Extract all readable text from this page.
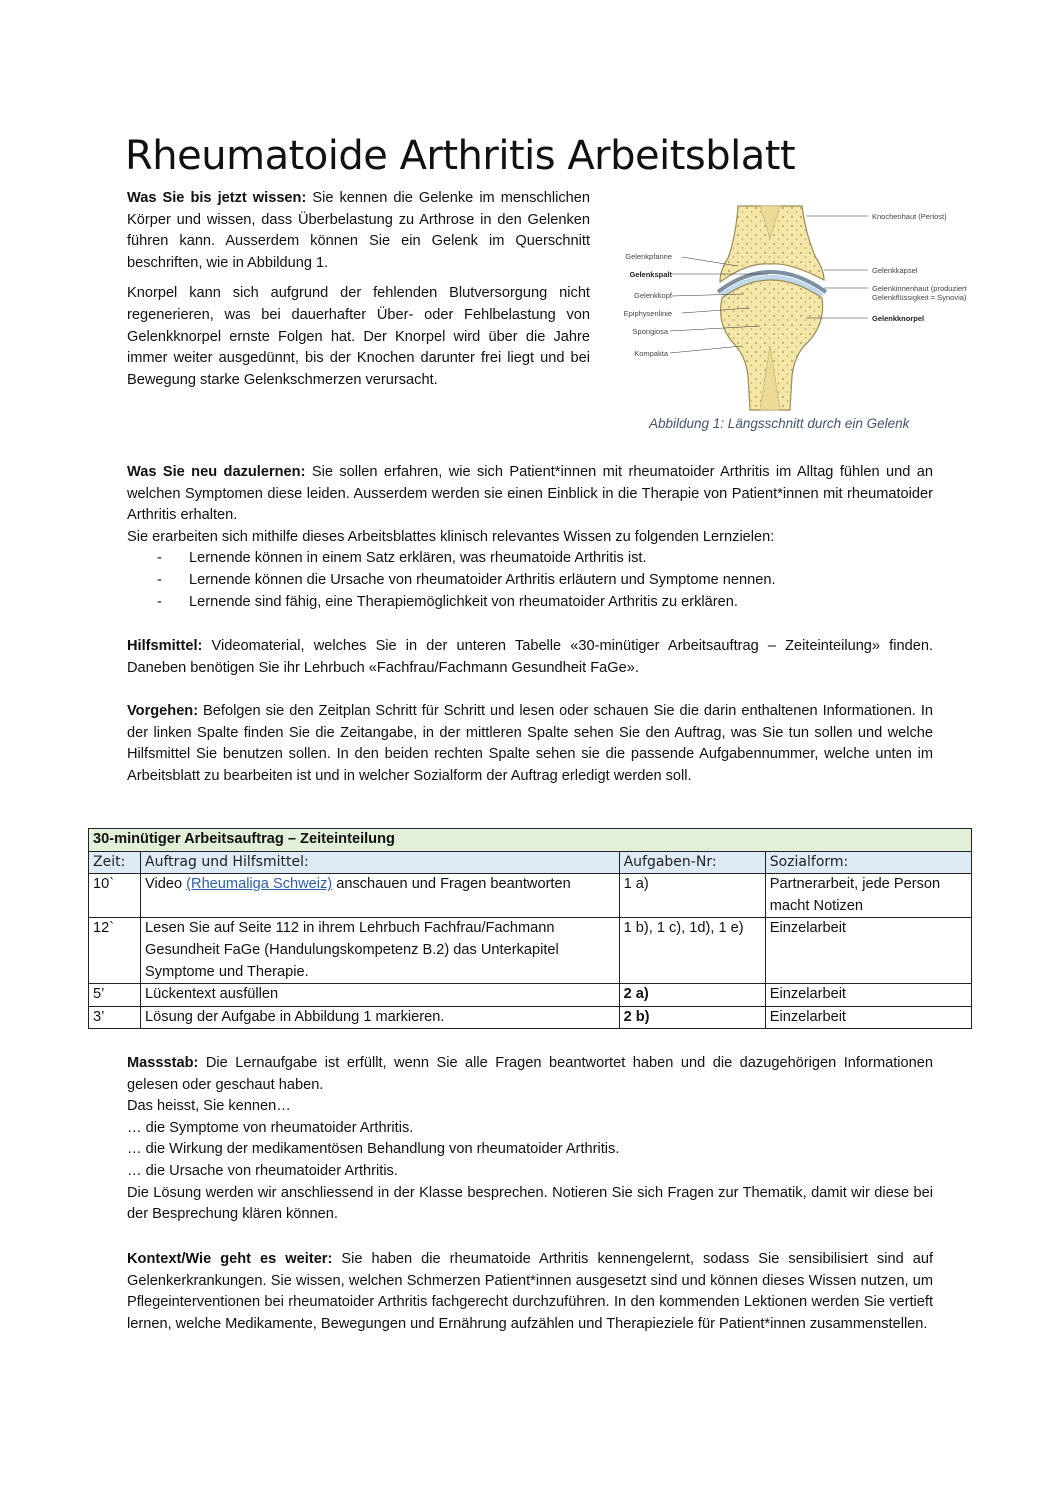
Rheumatoide Arthritis Arbeitsblatt

Was Sie bis jetzt wissen: Sie kennen die Gelenke im menschlichen Körper und wissen, dass Überbelastung zu Arthrose in den Gelenken führen kann. Ausserdem können Sie ein Gelenk im Querschnitt beschriften, wie in Abbildung 1.

Knorpel kann sich aufgrund der fehlenden Blutversorgung nicht regenerieren, was bei dauerhafter Über- oder Fehlbelastung von Gelenkknorpel ernste Folgen hat. Der Knorpel wird über die Jahre immer weiter ausgedünnt, bis der Knochen darunter frei liegt und bei Bewegung starke Gelenkschmerzen verursacht.

Gelenkpfanne
Gelenkspalt
Gelenkkopf
Epiphysenlinie
Spongiosa
Kompakta
Knochenhaut (Periost)
Gelenkkapsel
Gelenkinnenhaut (produziert
Gelenkflüssigkeit = Synovia)
Gelenkknorpel
Abbildung 1: Längsschnitt durch ein Gelenk

Was Sie neu dazulernen: Sie sollen erfahren, wie sich Patient*innen mit rheumatoider Arthritis im Alltag fühlen und an welchen Symptomen diese leiden. Ausserdem werden sie einen Einblick in die Therapie von Patient*innen mit rheumatoider Arthritis erhalten.

Sie erarbeiten sich mithilfe dieses Arbeitsblattes klinisch relevantes Wissen zu folgenden Lernzielen:

- Lernende können in einem Satz erklären, was rheumatoide Arthritis ist.
- Lernende können die Ursache von rheumatoider Arthritis erläutern und Symptome nennen.
- Lernende sind fähig, eine Therapiemöglichkeit von rheumatoider Arthritis zu erklären.

Hilfsmittel: Videomaterial, welches Sie in der unteren Tabelle «30-minütiger Arbeitsauftrag – Zeiteinteilung» finden. Daneben benötigen Sie ihr Lehrbuch «Fachfrau/Fachmann Gesundheit FaGe».

Vorgehen: Befolgen sie den Zeitplan Schritt für Schritt und lesen oder schauen Sie die darin enthaltenen Informationen. In der linken Spalte finden Sie die Zeitangabe, in der mittleren Spalte sehen Sie den Auftrag, was Sie tun sollen und welche Hilfsmittel Sie benutzen sollen. In den beiden rechten Spalte sehen sie die passende Aufgabennummer, welche unten im Arbeitsblatt zu bearbeiten ist und in welcher Sozialform der Auftrag erledigt werden soll.

30-minütiger Arbeitsauftrag – Zeiteinteilung			
Zeit:	Auftrag und Hilfsmittel:	Aufgaben-Nr:	Sozialform:
10`	Video (Rheumaliga Schweiz) anschauen und Fragen beantworten	1 a)	Partnerarbeit, jede Person macht Notizen
12`	Lesen Sie auf Seite 112 in ihrem Lehrbuch Fachfrau/Fachmann Gesundheit FaGe (Handulungskompetenz B.2) das Unterkapitel Symptome und Therapie.	1 b), 1 c), 1d), 1 e)	Einzelarbeit
5’	Lückentext ausfüllen	2 a)	Einzelarbeit
3’	Lösung der Aufgabe in Abbildung 1 markieren.	2 b)	Einzelarbeit

Massstab: Die Lernaufgabe ist erfüllt, wenn Sie alle Fragen beantwortet haben und die dazugehörigen Informationen gelesen oder geschaut haben.

Das heisst, Sie kennen…

… die Symptome von rheumatoider Arthritis.

… die Wirkung der medikamentösen Behandlung von rheumatoider Arthritis.

… die Ursache von rheumatoider Arthritis.

Die Lösung werden wir anschliessend in der Klasse besprechen. Notieren Sie sich Fragen zur Thematik, damit wir diese bei der Besprechung klären können.

Kontext/Wie geht es weiter: Sie haben die rheumatoide Arthritis kennengelernt, sodass Sie sensibilisiert sind auf Gelenkerkrankungen. Sie wissen, welchen Schmerzen Patient*innen ausgesetzt sind und können dieses Wissen nutzen, um Pflegeinterventionen bei rheumatoider Arthritis fachgerecht durchzuführen. In den kommenden Lektionen werden Sie vertieft lernen, welche Medikamente, Bewegungen und Ernährung aufzählen und Therapieziele für Patient*innen zusammenstellen.
